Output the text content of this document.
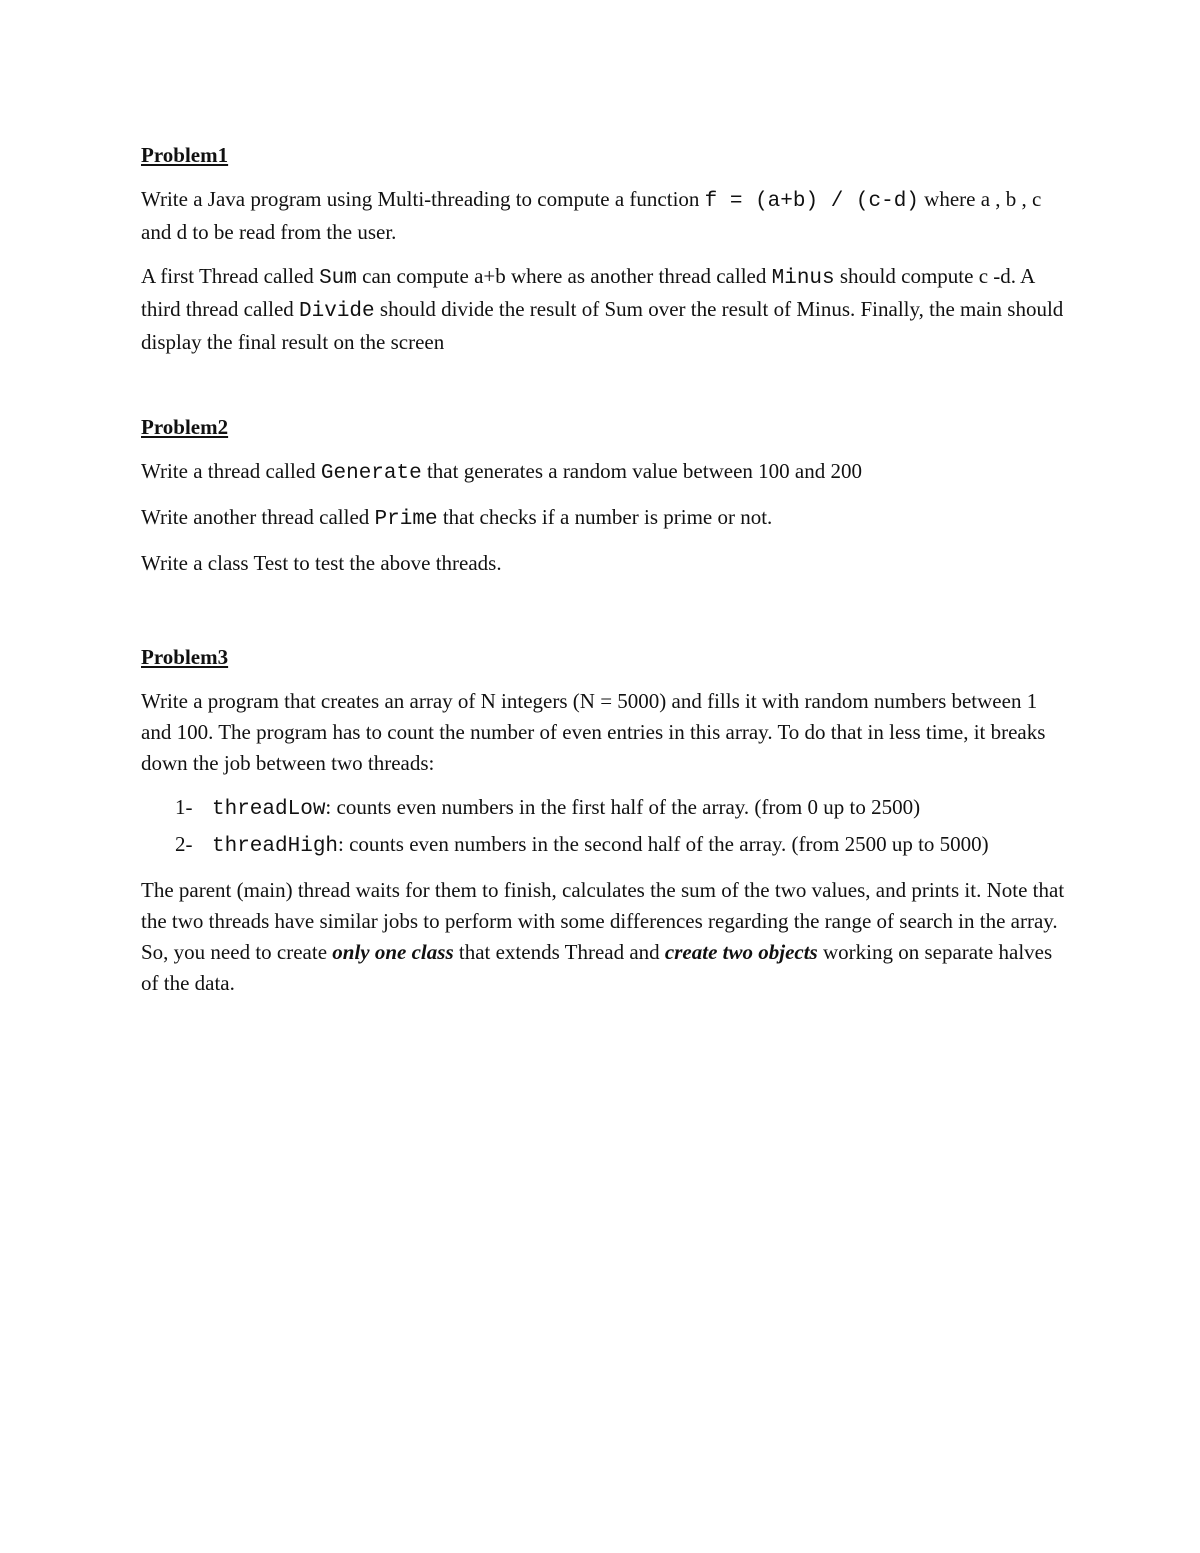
Problem1

Write a Java program using Multi-threading to compute a function f = (a+b) / (c-d) where a , b , c and d to be read from the user.

A first Thread called Sum can compute a+b where as another thread called Minus should compute c -d. A third thread called Divide should divide the result of Sum over the result of Minus. Finally, the main should display the final result on the screen

Problem2

Write a thread called Generate that generates a random value between 100 and 200

Write another thread called Prime that checks if a number is prime or not.

Write a class Test to test the above threads.

Problem3

Write a program that creates an array of N integers (N = 5000) and fills it with random numbers between 1 and 100. The program has to count the number of even entries in this array. To do that in less time, it breaks down the job between two threads:

1- threadLow: counts even numbers in the first half of the array. (from 0 up to 2500)
2- threadHigh: counts even numbers in the second half of the array. (from 2500 up to 5000)

The parent (main) thread waits for them to finish, calculates the sum of the two values, and prints it. Note that the two threads have similar jobs to perform with some differences regarding the range of search in the array. So, you need to create only one class that extends Thread and create two objects working on separate halves of the data.
